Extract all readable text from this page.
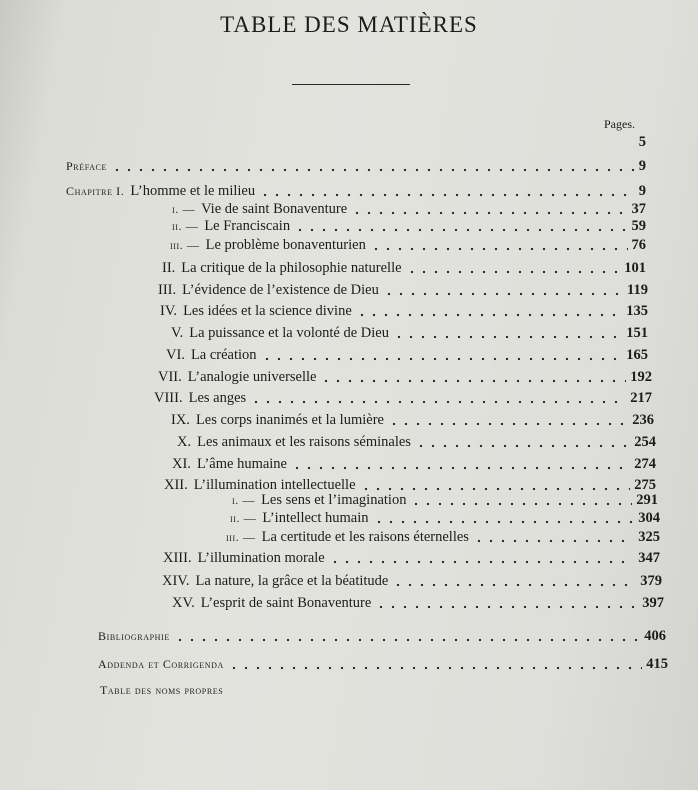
TABLE DES MATIÈRES
Pages.
5
Préface	9
Chapitre I. L’homme et le milieu	9
i. — Vie de saint Bonaventure	37
ii. — Le Franciscain	59
iii. — Le problème bonaventurien	76
II. La critique de la philosophie naturelle	101
III. L’évidence de l’existence de Dieu	119
IV. Les idées et la science divine	135
V. La puissance et la volonté de Dieu	151
VI. La création	165
VII. L’analogie universelle	192
VIII. Les anges	217
IX. Les corps inanimés et la lumière	236
X. Les animaux et les raisons séminales	254
XI. L’âme humaine	274
XII. L’illumination intellectuelle	275
i. — Les sens et l’imagination	291
ii. — L’intellect humain	304
iii. — La certitude et les raisons éternelles	325
XIII. L’illumination morale	347
XIV. La nature, la grâce et la béatitude	379
XV. L’esprit de saint Bonaventure	397
Bibliographie	406
Addenda et Corrigenda	415
Table des noms propres
